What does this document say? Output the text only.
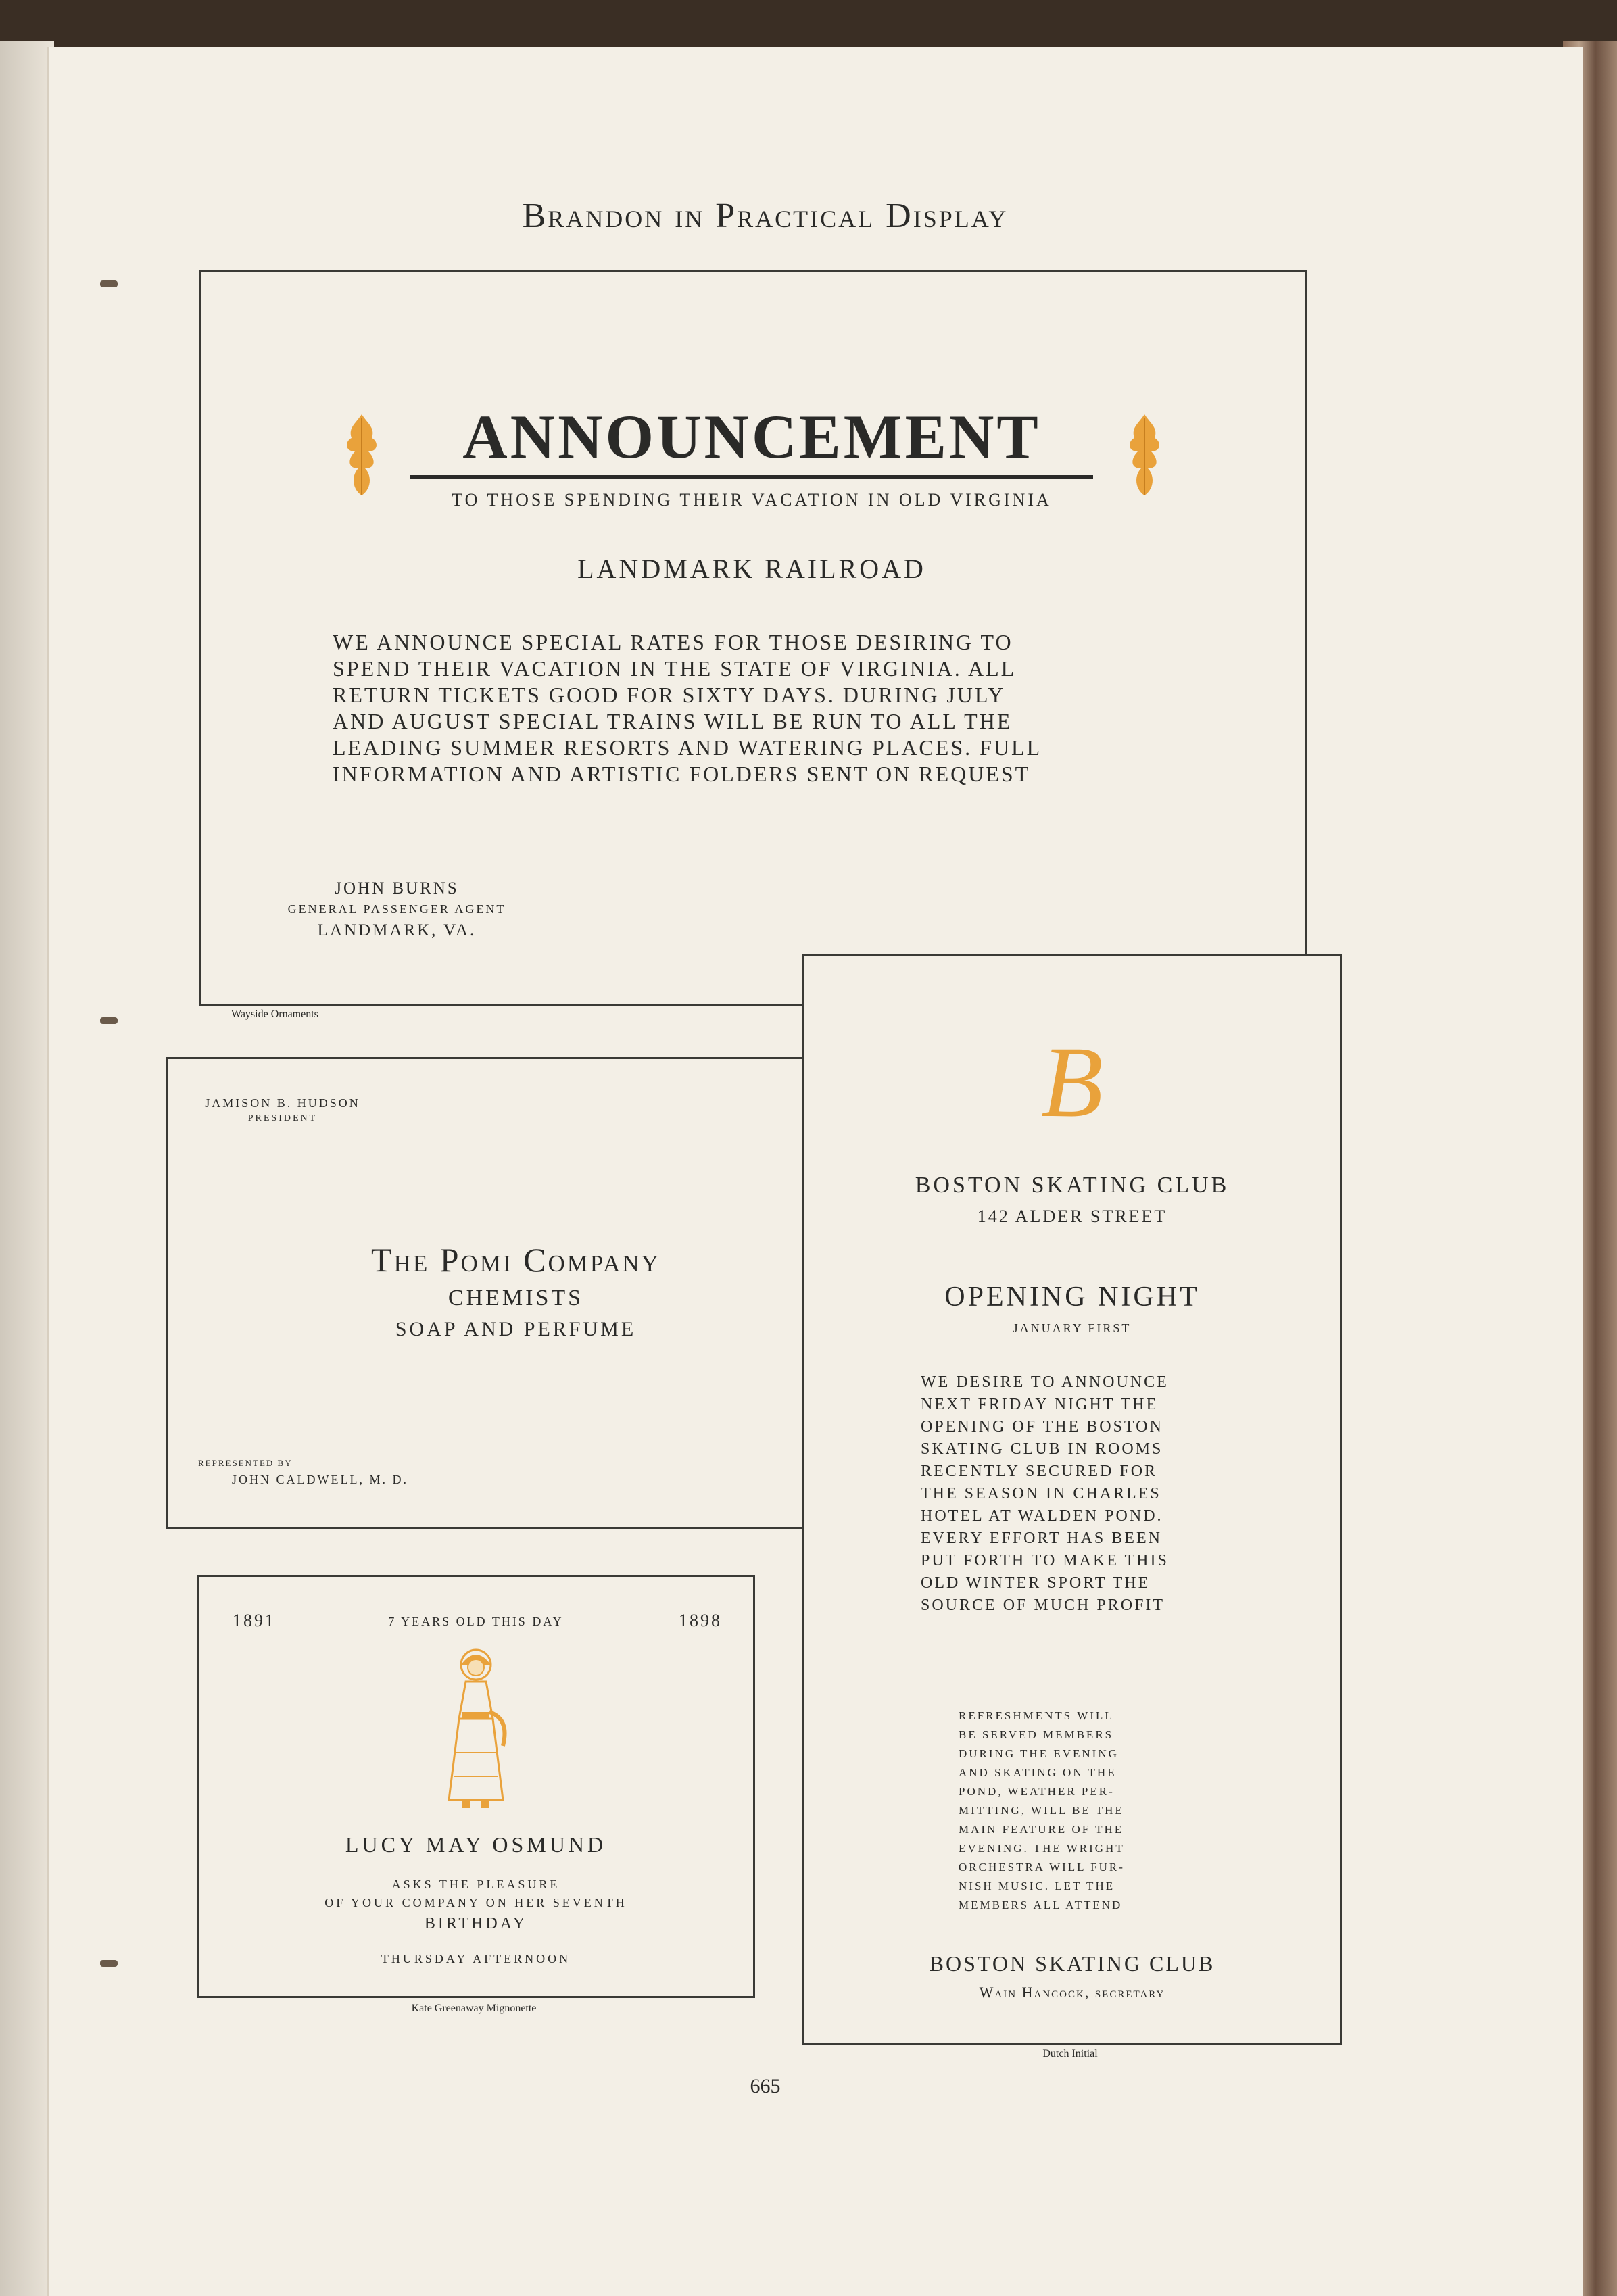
Brandon in Practical Display
ANNOUNCEMENT
TO THOSE SPENDING THEIR VACATION IN OLD VIRGINIA
LANDMARK RAILROAD
WE ANNOUNCE SPECIAL RATES FOR THOSE DESIRING TO
SPEND THEIR VACATION IN THE STATE OF VIRGINIA. ALL
RETURN TICKETS GOOD FOR SIXTY DAYS. DURING JULY
AND AUGUST SPECIAL TRAINS WILL BE RUN TO ALL THE
LEADING SUMMER RESORTS AND WATERING PLACES. FULL
INFORMATION AND ARTISTIC FOLDERS SENT ON REQUEST
JOHN BURNS
GENERAL PASSENGER AGENT
LANDMARK, VA.
Wayside Ornaments
JAMISON B. HUDSON
PRESIDENT
The Pomi Company
CHEMISTS
SOAP AND PERFUME
REPRESENTED BY
JOHN CALDWELL, M. D.
1891	7 YEARS OLD THIS DAY	1898
LUCY MAY OSMUND
ASKS THE PLEASURE
OF YOUR COMPANY ON HER SEVENTH
BIRTHDAY
THURSDAY AFTERNOON
Kate Greenaway Mignonette
B
BOSTON SKATING CLUB
142 ALDER STREET
OPENING NIGHT
JANUARY FIRST
WE DESIRE TO ANNOUNCE
NEXT FRIDAY NIGHT THE
OPENING OF THE BOSTON
SKATING CLUB IN ROOMS
RECENTLY SECURED FOR
THE SEASON IN CHARLES
HOTEL AT WALDEN POND.
EVERY EFFORT HAS BEEN
PUT FORTH TO MAKE THIS
OLD WINTER SPORT THE
SOURCE OF MUCH PROFIT
REFRESHMENTS WILL
BE SERVED MEMBERS
DURING THE EVENING
AND SKATING ON THE
POND, WEATHER PER-
MITTING, WILL BE THE
MAIN FEATURE OF THE
EVENING. THE WRIGHT
ORCHESTRA WILL FUR-
NISH MUSIC. LET THE
MEMBERS ALL ATTEND
BOSTON SKATING CLUB
Wain Hancock, secretary
Dutch Initial
665
